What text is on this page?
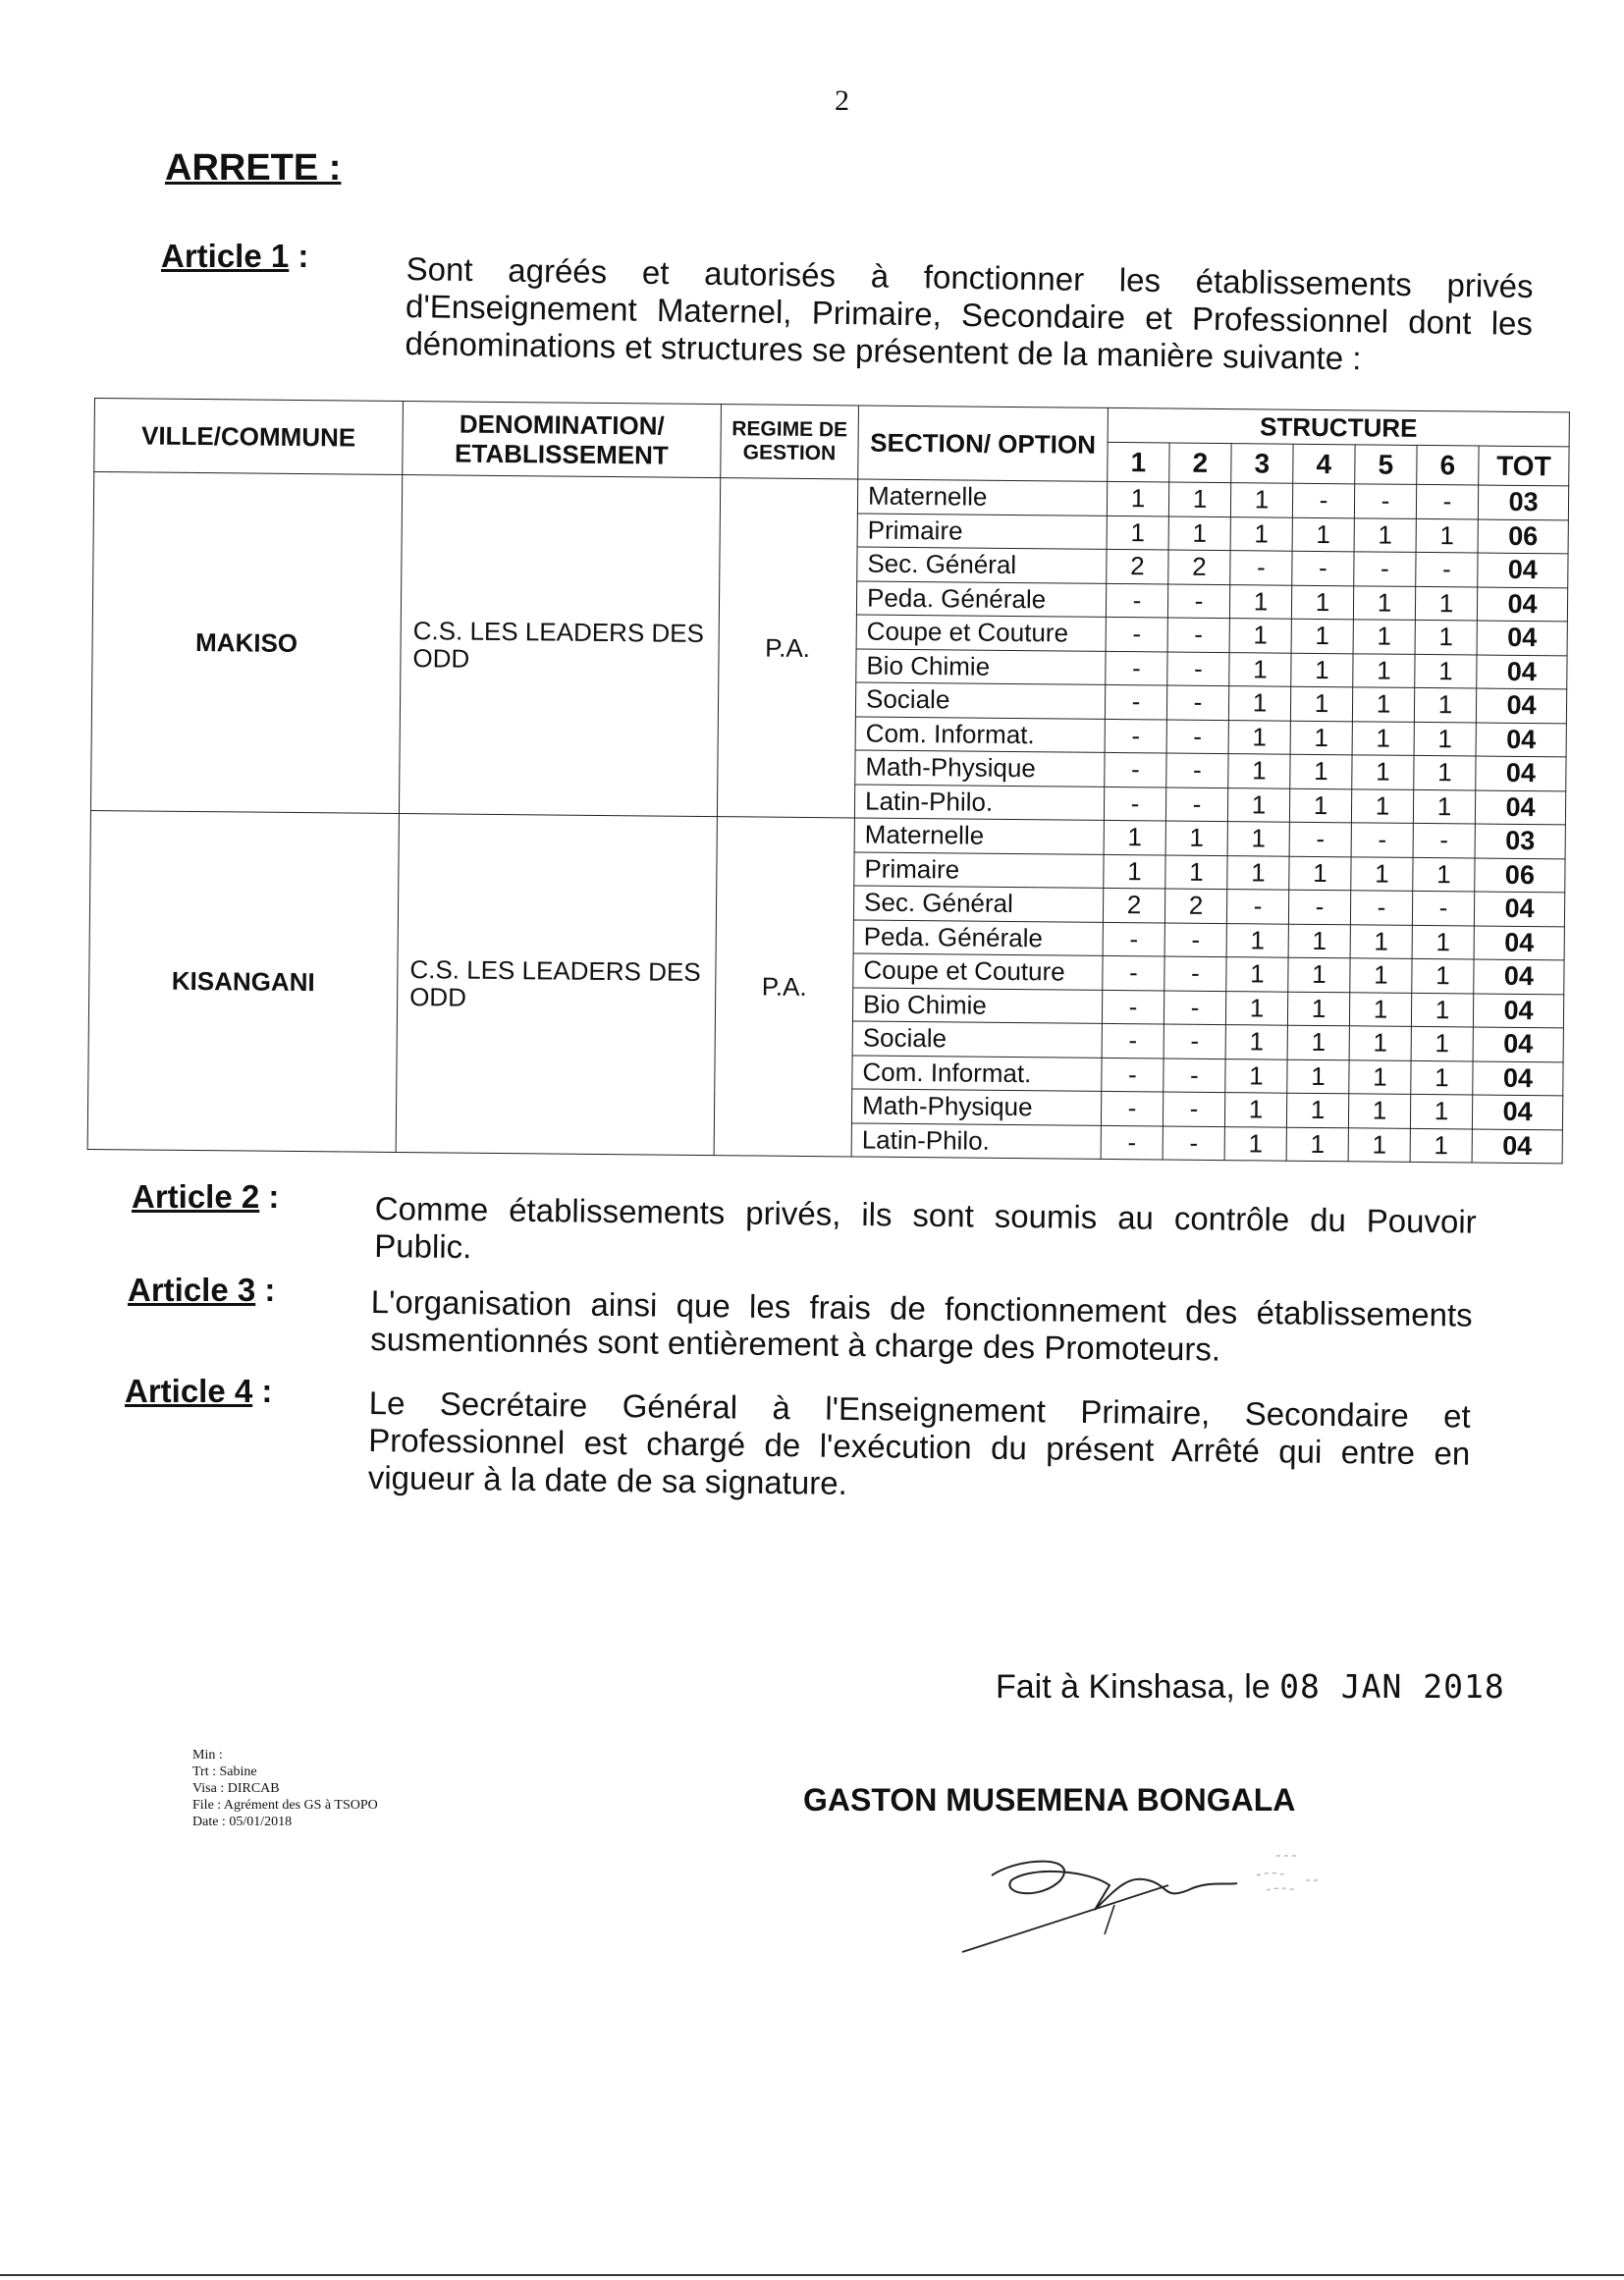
2
ARRETE :
Article 1 :	Sont agréés et autorisés à fonctionner les établissements privés d'Enseignement Maternel, Primaire, Secondaire et Professionnel dont les dénominations et structures se présentent de la manière suivante :
VILLE/COMMUNE	DENOMINATION/ ETABLISSEMENT	REGIME DE GESTION	SECTION/ OPTION	STRUCTURE						
				1	2	3	4	5	6	TOT
MAKISO	C.S. LES LEADERS DES ODD	P.A.	Maternelle	1	1	1	-	-	-	03
			Primaire	1	1	1	1	1	1	06
			Sec. Général	2	2	-	-	-	-	04
			Peda. Générale	-	-	1	1	1	1	04
			Coupe et Couture	-	-	1	1	1	1	04
			Bio Chimie	-	-	1	1	1	1	04
			Sociale	-	-	1	1	1	1	04
			Com. Informat.	-	-	1	1	1	1	04
			Math-Physique	-	-	1	1	1	1	04
			Latin-Philo.	-	-	1	1	1	1	04
KISANGANI	C.S. LES LEADERS DES ODD	P.A.	Maternelle	1	1	1	-	-	-	03
			Primaire	1	1	1	1	1	1	06
			Sec. Général	2	2	-	-	-	-	04
			Peda. Générale	-	-	1	1	1	1	04
			Coupe et Couture	-	-	1	1	1	1	04
			Bio Chimie	-	-	1	1	1	1	04
			Sociale	-	-	1	1	1	1	04
			Com. Informat.	-	-	1	1	1	1	04
			Math-Physique	-	-	1	1	1	1	04
			Latin-Philo.	-	-	1	1	1	1	04
Article 2 :	Comme établissements privés, ils sont soumis au contrôle du Pouvoir Public.
Article 3 :	L'organisation ainsi que les frais de fonctionnement des établissements susmentionnés sont entièrement à charge des Promoteurs.
Article 4 :	Le Secrétaire Général à l'Enseignement Primaire, Secondaire et Professionnel est chargé de l'exécution du présent Arrêté qui entre en vigueur à la date de sa signature.
Fait à Kinshasa, le 08 JAN 2018
GASTON MUSEMENA BONGALA
Min :
Trt : Sabine
Visa : DIRCAB
File : Agrément des GS à TSOPO
Date : 05/01/2018
